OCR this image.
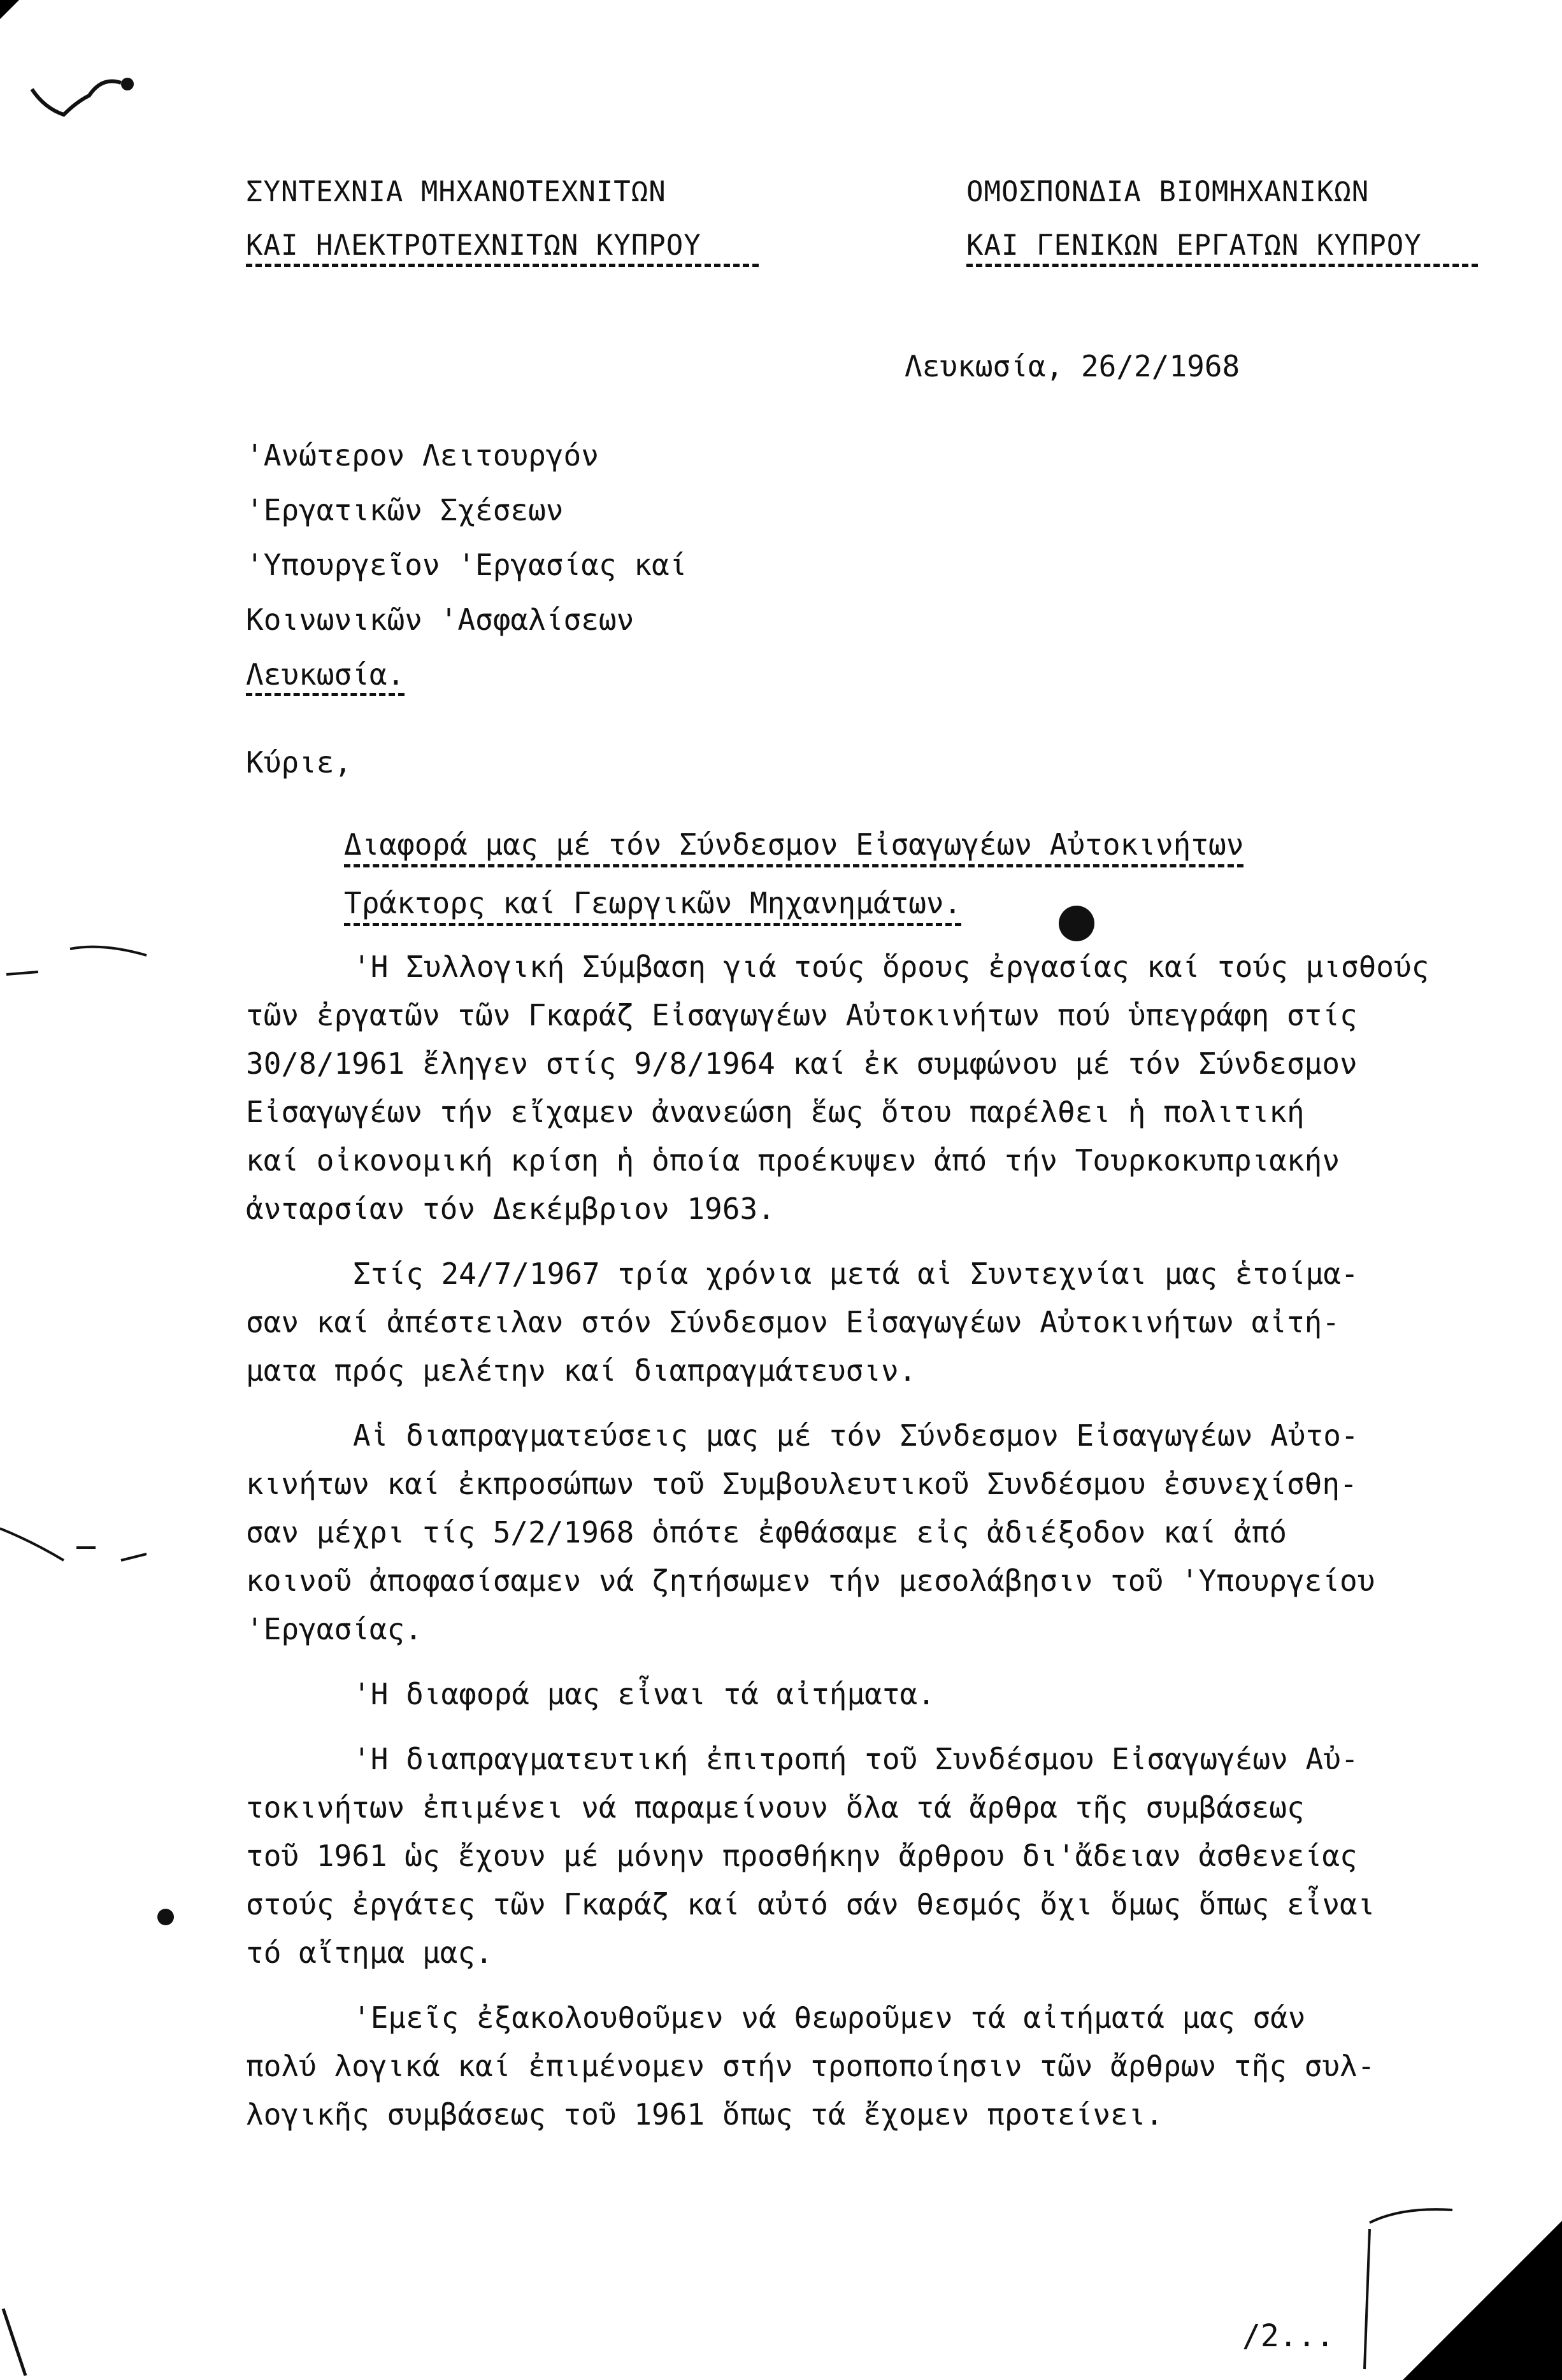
ΣΥΝΤΕΧΝΙΑ ΜΗΧΑΝΟΤΕΧΝΙΤΩΝ
ΚΑΙ ΗΛΕΚΤΡΟΤΕΧΝΙΤΩΝ ΚΥΠΡΟΥ
ΟΜΟΣΠΟΝΔΙΑ ΒΙΟΜΗΧΑΝΙΚΩΝ
ΚΑΙ ΓΕΝΙΚΩΝ ΕΡΓΑΤΩΝ ΚΥΠΡΟΥ
Λευκωσία, 26/2/1968
'Ανώτερον Λειτουργόν
'Εργατικῶν Σχέσεων
'Υπουργεῖον 'Εργασίας καί
Κοινωνικῶν 'Ασφαλίσεων
Λευκωσία.
Κύριε,
Διαφορά μας μέ τόν Σύνδεσμον Εἰσαγωγέων Αὐτοκινήτων
Τράκτορς καί Γεωργικῶν Μηχανημάτων.
'Η Συλλογική Σύμβαση γιά τούς ὅρους ἐργασίας καί τούς μισθούς
τῶν ἐργατῶν τῶν Γκαράζ Εἰσαγωγέων Αὐτοκινήτων πού ὑπεγράφη στίς
30/8/1961 ἔληγεν στίς 9/8/1964 καί ἐκ συμφώνου μέ τόν Σύνδεσμον
Εἰσαγωγέων τήν εἴχαμεν ἀνανεώση ἕως ὅτου παρέλθει ἡ πολιτική
καί οἰκονομική κρίση ἡ ὁποία προέκυψεν ἀπό τήν Τουρκοκυπριακήν
ἀνταρσίαν τόν Δεκέμβριον 1963.
Στίς 24/7/1967 τρία χρόνια μετά αἱ Συντεχνίαι μας ἑτοίμα-
σαν καί ἀπέστειλαν στόν Σύνδεσμον Εἰσαγωγέων Αὐτοκινήτων αἰτή-
ματα πρός μελέτην καί διαπραγμάτευσιν.
Αἱ διαπραγματεύσεις μας μέ τόν Σύνδεσμον Εἰσαγωγέων Αὐτο-
κινήτων καί ἐκπροσώπων τοῦ Συμβουλευτικοῦ Συνδέσμου ἐσυνεχίσθη-
σαν μέχρι τίς 5/2/1968 ὁπότε ἐφθάσαμε εἰς ἀδιέξοδον καί ἀπό
κοινοῦ ἀποφασίσαμεν νά ζητήσωμεν τήν μεσολάβησιν τοῦ 'Υπουργείου
'Εργασίας.
'Η διαφορά μας εἶναι τά αἰτήματα.
'Η διαπραγματευτική ἐπιτροπή τοῦ Συνδέσμου Εἰσαγωγέων Αὐ-
τοκινήτων ἐπιμένει νά παραμείνουν ὅλα τά ἄρθρα τῆς συμβάσεως
τοῦ 1961 ὡς ἔχουν μέ μόνην προσθήκην ἄρθρου δι'ἄδειαν ἀσθενείας
στούς ἐργάτες τῶν Γκαράζ καί αὐτό σάν θεσμός ὄχι ὅμως ὅπως εἶναι
τό αἴτημα μας.
'Εμεῖς ἐξακολουθοῦμεν νά θεωροῦμεν τά αἰτήματά μας σάν
πολύ λογικά καί ἐπιμένομεν στήν τροποποίησιν τῶν ἄρθρων τῆς συλ-
λογικῆς συμβάσεως τοῦ 1961 ὅπως τά ἔχομεν προτείνει.
/2...
